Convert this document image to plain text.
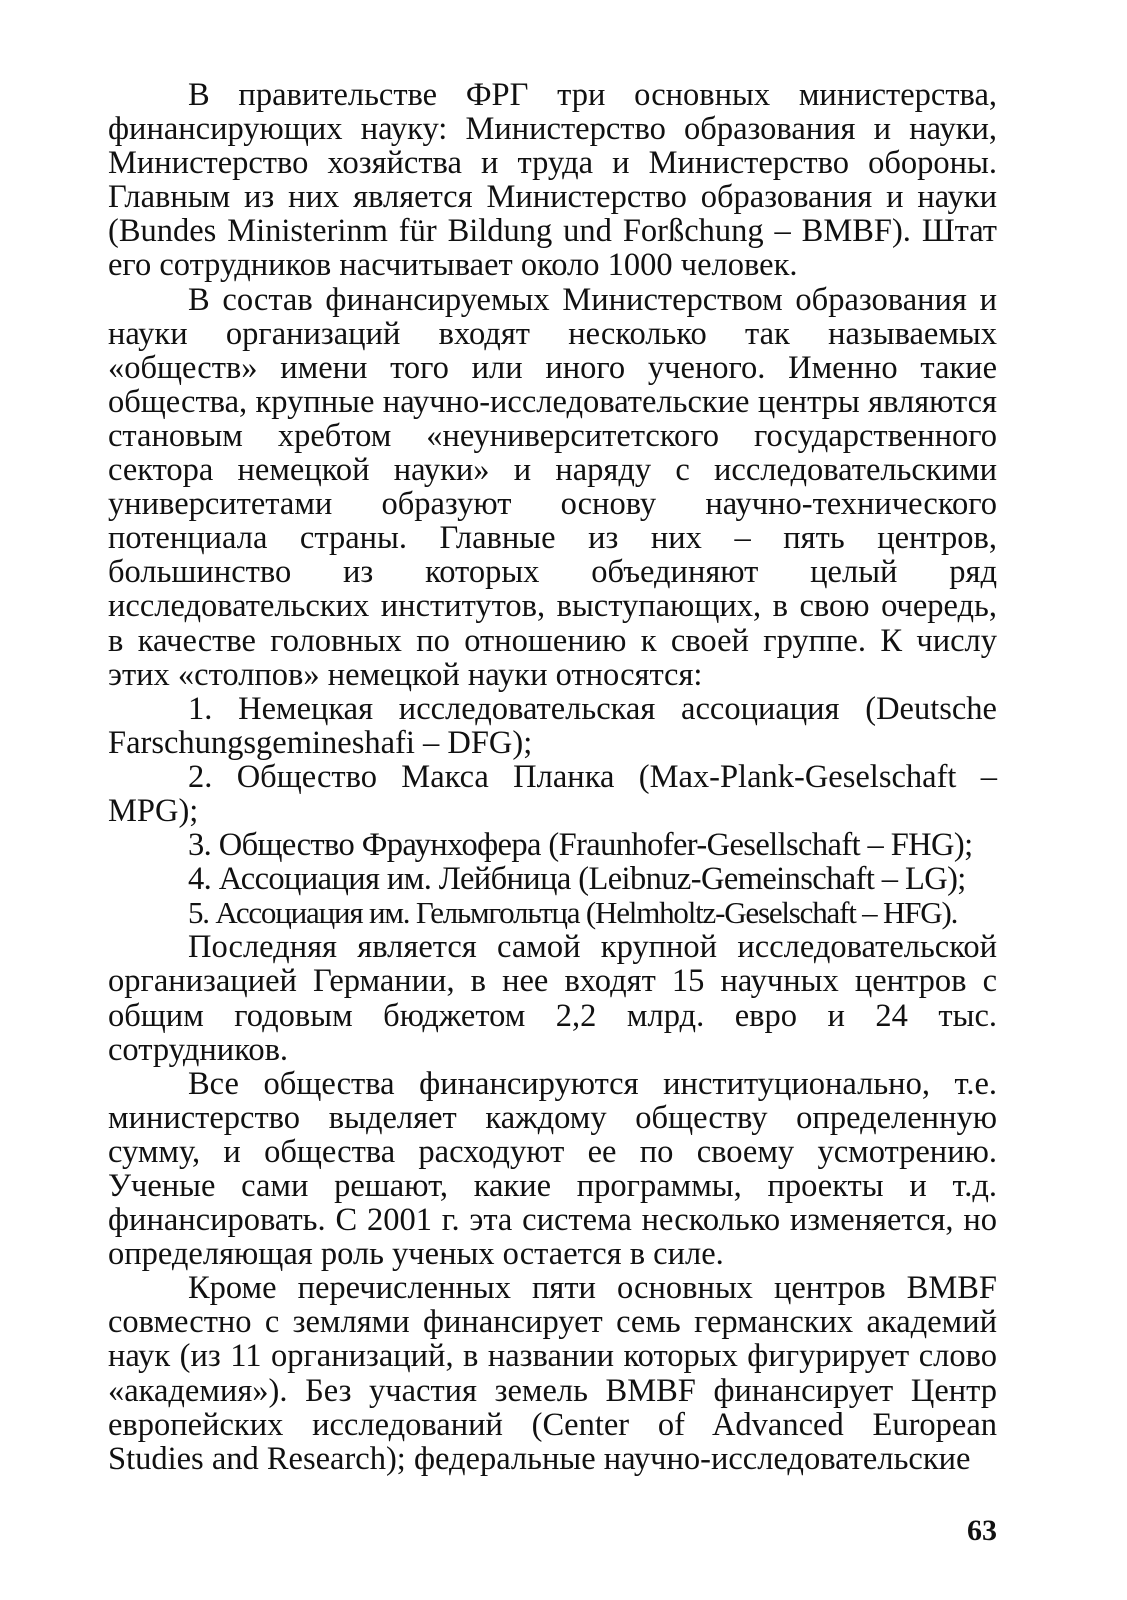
В правительстве ФРГ три основных министерства, финансирующих науку: Министерство образования и науки, Министерство хозяйства и труда и Министерство обороны. Главным из них является Министерство образования и науки (Bundes Ministerinm für Bildung und Forßchung – BMBF). Штат его сотрудников насчитывает около 1000 человек.

В состав финансируемых Министерством образования и науки организаций входят несколько так называемых «обществ» имени того или иного ученого. Именно такие общества, крупные научно-исследовательские центры являются становым хребтом «неуниверситетского государственного сектора немецкой науки» и наряду с исследовательскими университетами образуют основу научно-технического потенциала страны. Главные из них – пять центров, большинство из которых объединяют целый ряд исследовательских институтов, выступающих, в свою очередь, в качестве головных по отношению к своей группе. К числу этих «столпов» немецкой науки относятся:

1. Немецкая исследовательская ассоциация (Deutsche Farschungsgemineshafi – DFG);

2. Общество Макса Планка (Max-Plank-Geselschaft – MPG);

3. Общество Фраунхофера (Fraunhofer-Gesellschaft – FHG);

4. Ассоциация им. Лейбница (Leibnuz-Gemeinschaft – LG);

5. Ассоциация им. Гельмгольтца (Helmholtz-Geselschaft – HFG).

Последняя является самой крупной исследовательской организацией Германии, в нее входят 15 научных центров с общим годовым бюджетом 2,2 млрд. евро и 24 тыс. сотрудников.

Все общества финансируются институционально, т.е. министерство выделяет каждому обществу определенную сумму, и общества расходуют ее по своему усмотрению. Ученые сами решают, какие программы, проекты и т.д. финансировать. С 2001 г. эта система несколько изменяется, но определяющая роль ученых остается в силе.

Кроме перечисленных пяти основных центров BMBF совместно с землями финансирует семь германских академий наук (из 11 организаций, в названии которых фигурирует слово «академия»). Без участия земель BMBF финансирует Центр европейских исследований (Center of Advanced European Studies and Research); федеральные научно-исследовательские

63
